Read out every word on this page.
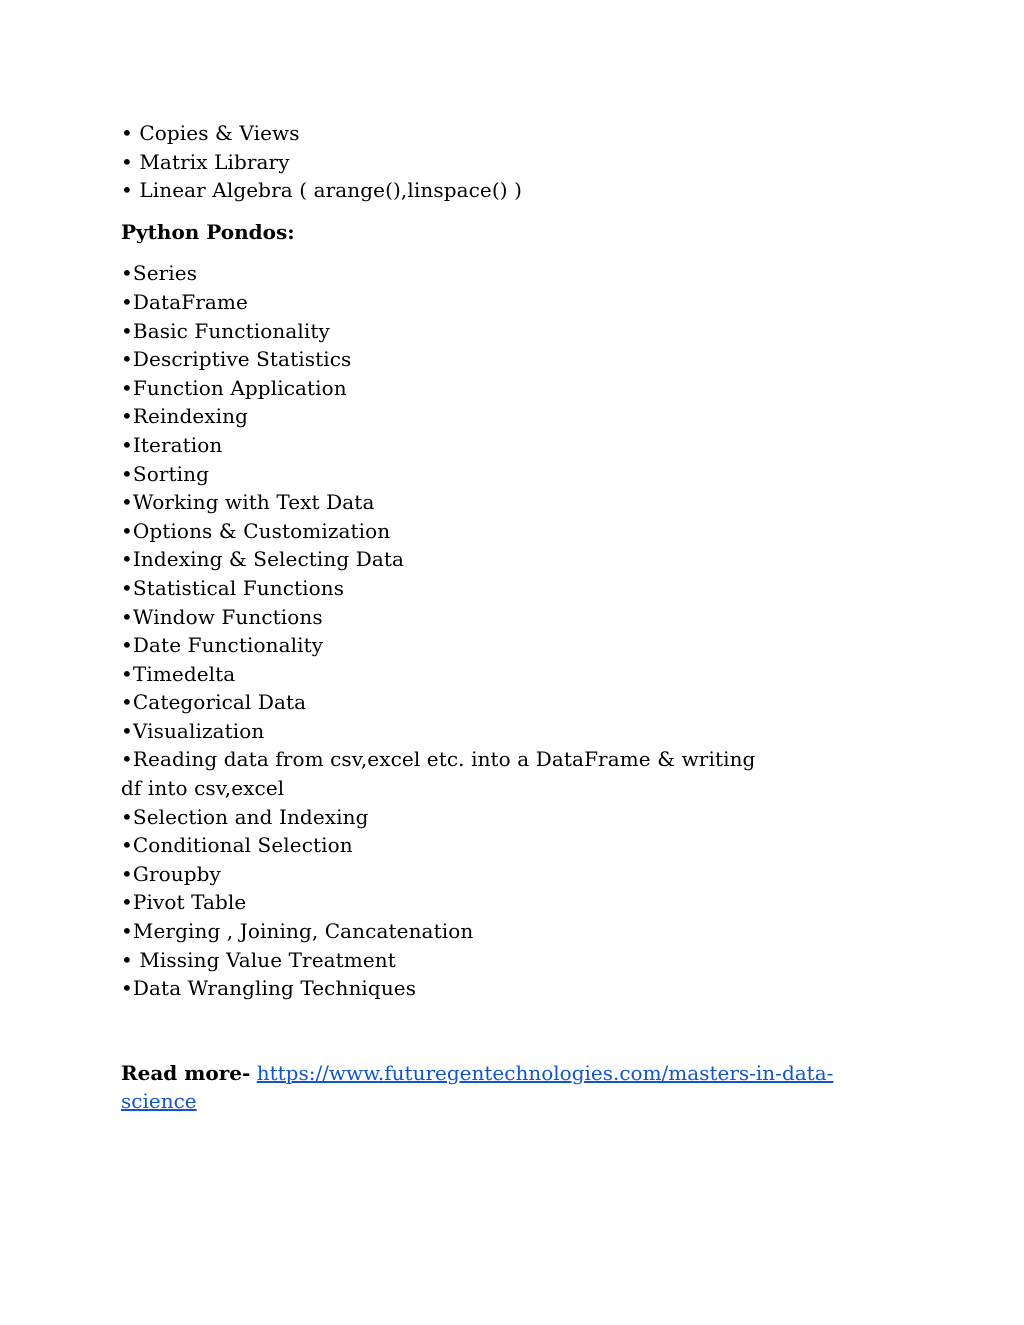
• Copies & Views
• Matrix Library
• Linear Algebra ( arange(),linspace() )
Python Pondos:
•Series
•DataFrame
•Basic Functionality
•Descriptive Statistics
•Function Application
•Reindexing
•Iteration
•Sorting
•Working with Text Data
•Options & Customization
•Indexing & Selecting Data
•Statistical Functions
•Window Functions
•Date Functionality
•Timedelta
•Categorical Data
•Visualization
•Reading data from csv,excel etc. into a DataFrame & writing df into csv,excel
•Selection and Indexing
•Conditional Selection
•Groupby
•Pivot Table
•Merging , Joining, Cancatenation
• Missing Value Treatment
•Data Wrangling Techniques
Read more- https://www.futuregentechnologies.com/masters-in-data-
science
